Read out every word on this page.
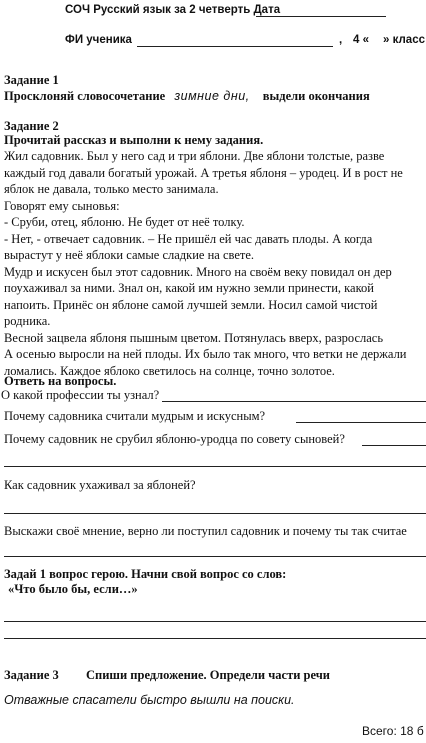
СОЧ Русский язык за 2 четверть Дата
ФИ ученика	, 4 « » класс
Задание 1
Просклоняй словосочетание зимние дни, выдели окончания
Задание 2
Прочитай рассказ и выполни к нему задания.
Жил садовник. Был у него сад и три яблони. Две яблони толстые, разве
каждый год давали богатый урожай. А третья яблоня – уродец. И в рост не
яблок не давала, только место занимала.
Говорят ему сыновья:
- Сруби, отец, яблоню. Не будет от неё толку.
- Нет, - отвечает садовник. – Не пришёл ей час давать плоды. А когда
вырастут у неё яблоки самые сладкие на свете.
Мудр и искусен был этот садовник. Много на своём веку повидал он дер
поухаживал за ними. Знал он, какой им нужно земли принести, какой
напоить. Принёс он яблоне самой лучшей земли. Носил самой чистой
родника.
Весной зацвела яблоня пышным цветом. Потянулась вверх, разрослась
А осенью выросли на ней плоды. Их было так много, что ветки не держали
ломались. Каждое яблоко светилось на солнце, точно золотое.
Ответь на вопросы.
О какой профессии ты узнал?
Почему садовника считали мудрым и искусным?
Почему садовник не срубил яблоню-уродца по совету сыновей?
Как садовник ухаживал за яблоней?
Выскажи своё мнение, верно ли поступил садовник и почему ты так считае
Задай 1 вопрос герою. Начни свой вопрос со слов:
«Что было бы, если…»
Задание 3 Спиши предложение. Определи части речи
Отважные спасатели быстро вышли на поиски.
Всего: 18 б
